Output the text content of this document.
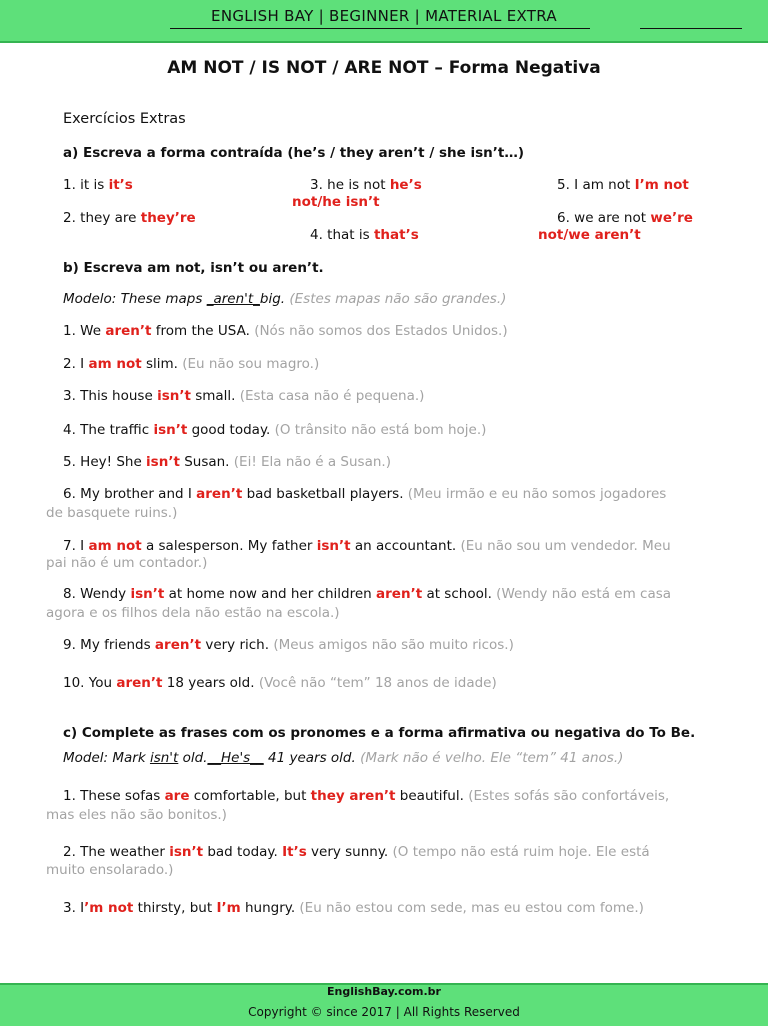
ENGLISH BAY | BEGINNER | MATERIAL EXTRA
AM NOT / IS NOT / ARE NOT – Forma Negativa
Exercícios Extras
a) Escreva a forma contraída (he’s / they aren’t / she isn’t…)
1. it is it’s	3. he is not he’s
not/he isn’t
5. I am not I’m not
2. they are they’re
4. that is that’s
6. we are not we’re
not/we aren’t
b) Escreva am not, isn’t ou aren’t.
Modelo: These maps _aren't_big. (Estes mapas não são grandes.)
1. We aren’t from the USA. (Nós não somos dos Estados Unidos.)
2. I am not slim. (Eu não sou magro.)
3. This house isn’t small. (Esta casa não é pequena.)
4. The traffic isn’t good today. (O trânsito não está bom hoje.)
5. Hey! She isn’t Susan. (Ei! Ela não é a Susan.)
6. My brother and I aren’t bad basketball players. (Meu irmão e eu não somos jogadores
de basquete ruins.)
7. I am not a salesperson. My father isn’t an accountant. (Eu não sou um vendedor. Meu
pai não é um contador.)
8. Wendy isn’t at home now and her children aren’t at school. (Wendy não está em casa
agora e os filhos dela não estão na escola.)
9. My friends aren’t very rich. (Meus amigos não são muito ricos.)
10. You aren’t 18 years old. (Você não “tem” 18 anos de idade)
c) Complete as frases com os pronomes e a forma afirmativa ou negativa do To Be.
Model: Mark isn't old.__He's__ 41 years old. (Mark não é velho. Ele “tem” 41 anos.)
1. These sofas are comfortable, but they aren’t beautiful. (Estes sofás são confortáveis,
mas eles não são bonitos.)
2. The weather isn’t bad today. It’s very sunny. (O tempo não está ruim hoje. Ele está
muito ensolarado.)
3. I’m not thirsty, but I’m hungry. (Eu não estou com sede, mas eu estou com fome.)
EnglishBay.com.br
Copyright © since 2017 | All Rights Reserved
